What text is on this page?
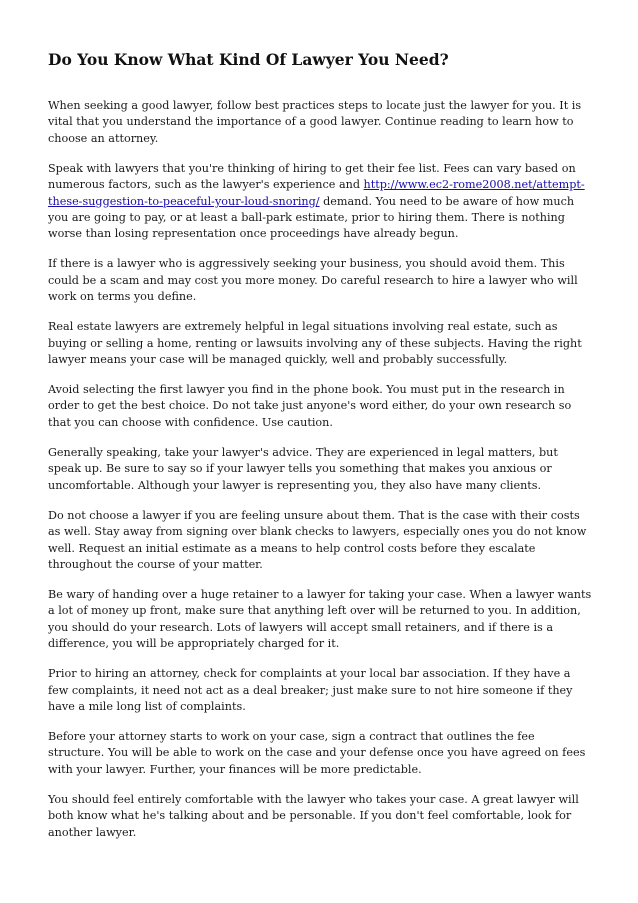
Do You Know What Kind Of Lawyer You Need?

When seeking a good lawyer, follow best practices steps to locate just the lawyer for you. It is vital that you understand the importance of a good lawyer. Continue reading to learn how to choose an attorney.

Speak with lawyers that you're thinking of hiring to get their fee list. Fees can vary based on numerous factors, such as the lawyer's experience and http://www.ec2-rome2008.net/attempt-these-suggestion-to-peaceful-your-loud-snoring/ demand. You need to be aware of how much you are going to pay, or at least a ball-park estimate, prior to hiring them. There is nothing worse than losing representation once proceedings have already begun.

If there is a lawyer who is aggressively seeking your business, you should avoid them. This could be a scam and may cost you more money. Do careful research to hire a lawyer who will work on terms you define.

Real estate lawyers are extremely helpful in legal situations involving real estate, such as buying or selling a home, renting or lawsuits involving any of these subjects. Having the right lawyer means your case will be managed quickly, well and probably successfully.

Avoid selecting the first lawyer you find in the phone book. You must put in the research in order to get the best choice. Do not take just anyone's word either, do your own research so that you can choose with confidence. Use caution.

Generally speaking, take your lawyer's advice. They are experienced in legal matters, but speak up. Be sure to say so if your lawyer tells you something that makes you anxious or uncomfortable. Although your lawyer is representing you, they also have many clients.

Do not choose a lawyer if you are feeling unsure about them. That is the case with their costs as well. Stay away from signing over blank checks to lawyers, especially ones you do not know well. Request an initial estimate as a means to help control costs before they escalate throughout the course of your matter.

Be wary of handing over a huge retainer to a lawyer for taking your case. When a lawyer wants a lot of money up front, make sure that anything left over will be returned to you. In addition, you should do your research. Lots of lawyers will accept small retainers, and if there is a difference, you will be appropriately charged for it.

Prior to hiring an attorney, check for complaints at your local bar association. If they have a few complaints, it need not act as a deal breaker; just make sure to not hire someone if they have a mile long list of complaints.

Before your attorney starts to work on your case, sign a contract that outlines the fee structure. You will be able to work on the case and your defense once you have agreed on fees with your lawyer. Further, your finances will be more predictable.

You should feel entirely comfortable with the lawyer who takes your case. A great lawyer will both know what he's talking about and be personable. If you don't feel comfortable, look for another lawyer.
